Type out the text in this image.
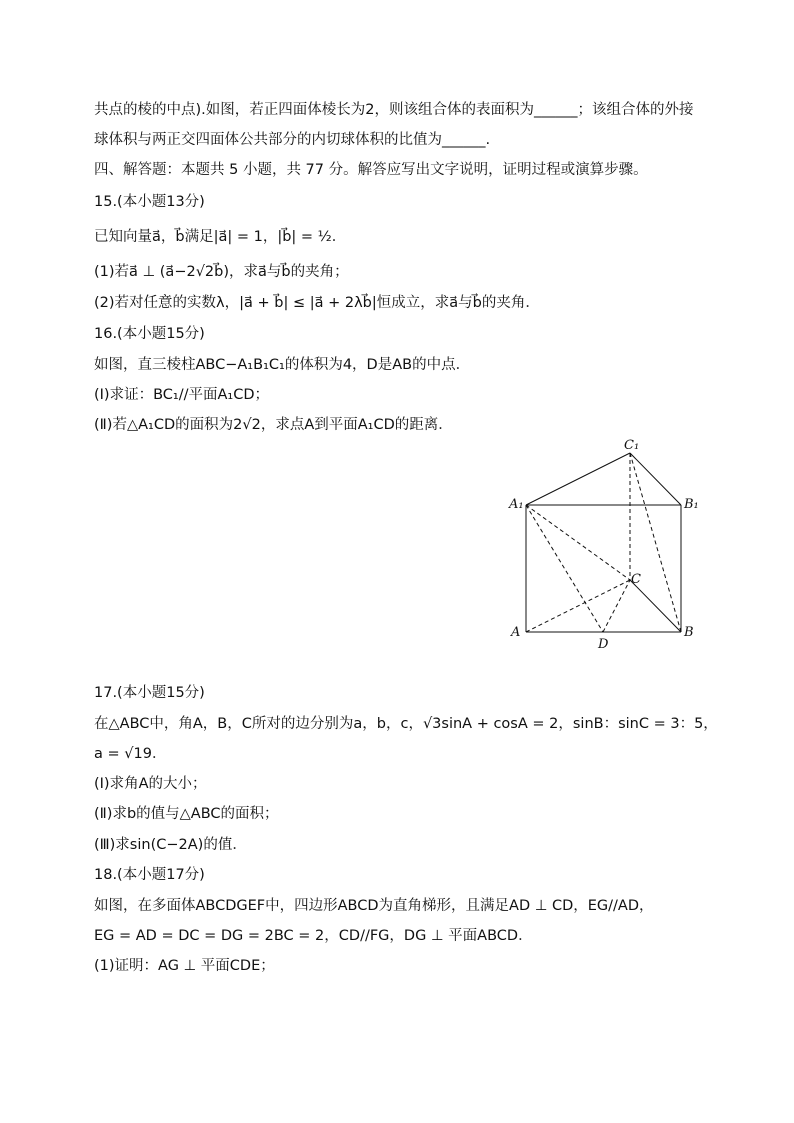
共点的棱的中点).如图，若正四面体棱长为2，则该组合体的表面积为______；该组合体的外接
球体积与两正交四面体公共部分的内切球体积的比值为______.
四、解答题：本题共 5 小题，共 77 分。解答应写出文字说明，证明过程或演算步骤。
15.(本小题13分)
已知向量a⃗，b⃗满足|a⃗| = 1，|b⃗| = ½．
(1)若a⃗ ⊥ (a⃗−2√2b⃗)，求a⃗与b⃗的夹角；
(2)若对任意的实数λ，|a⃗ + b⃗| ≤ |a⃗ + 2λb⃗|恒成立，求a⃗与b⃗的夹角．
16.(本小题15分)
如图，直三棱柱ABC−A₁B₁C₁的体积为4，D是AB的中点．
(Ⅰ)求证：BC₁//平面A₁CD；
(Ⅱ)若△A₁CD的面积为2√2，求点A到平面A₁CD的距离．
C₁
A₁	B₁
C
A	B
D
17.(本小题15分)
在△ABC中，角A，B，C所对的边分别为a，b，c，√3sinA + cosA = 2，sinB：sinC = 3：5，
a = √19．
(Ⅰ)求角A的大小；
(Ⅱ)求b的值与△ABC的面积；
(Ⅲ)求sin(C−2A)的值．
18.(本小题17分)
如图，在多面体ABCDGEF中，四边形ABCD为直角梯形，且满足AD ⊥ CD，EG//AD，
EG = AD = DC = DG = 2BC = 2，CD//FG，DG ⊥ 平面ABCD．
(1)证明：AG ⊥ 平面CDE；
